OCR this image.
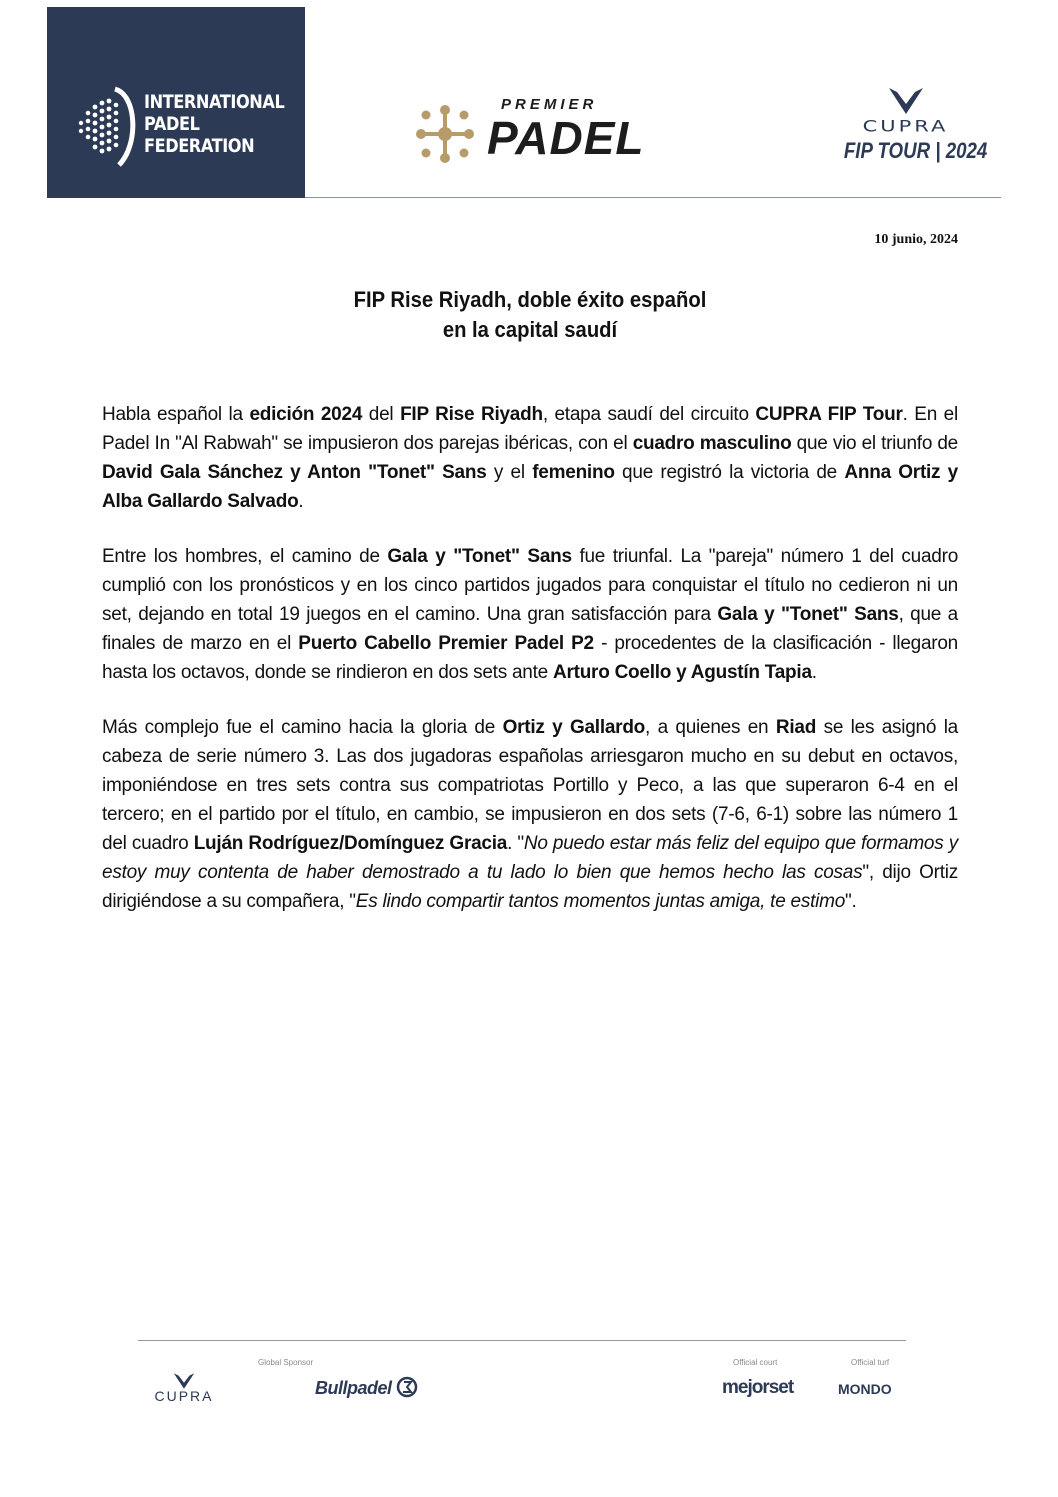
INTERNATIONAL
PADEL
FEDERATION
PREMIER
PADEL	CUPRA
FIP TOUR | 2024
10 junio, 2024
FIP Rise Riyadh, doble éxito español
en la capital saudí

Habla español la edición 2024 del FIP Rise Riyadh, etapa saudí del circuito CUPRA FIP Tour. En el Padel In "Al Rabwah" se impusieron dos parejas ibéricas, con el cuadro masculino que vio el triunfo de David Gala Sánchez y Anton "Tonet" Sans y el femenino que registró la victoria de Anna Ortiz y Alba Gallardo Salvado.

Entre los hombres, el camino de Gala y "Tonet" Sans fue triunfal. La "pareja" número 1 del cuadro cumplió con los pronósticos y en los cinco partidos jugados para conquistar el título no cedieron ni un set, dejando en total 19 juegos en el camino. Una gran satisfacción para Gala y "Tonet" Sans, que a finales de marzo en el Puerto Cabello Premier Padel P2 - procedentes de la clasificación - llegaron hasta los octavos, donde se rindieron en dos sets ante Arturo Coello y Agustín Tapia.

Más complejo fue el camino hacia la gloria de Ortiz y Gallardo, a quienes en Riad se les asignó la cabeza de serie número 3. Las dos jugadoras españolas arriesgaron mucho en su debut en octavos, imponiéndose en tres sets contra sus compatriotas Portillo y Peco, a las que superaron 6-4 en el tercero; en el partido por el título, en cambio, se impusieron en dos sets (7-6, 6-1) sobre las número 1 del cuadro Luján Rodríguez/Domínguez Gracia. "No puedo estar más feliz del equipo que formamos y estoy muy contenta de haber demostrado a tu lado lo bien que hemos hecho las cosas", dijo Ortiz dirigiéndose a su compañera, "Es lindo compartir tantos momentos juntas amiga, te estimo".

Global Sponsor	Official court	Official turf
CUPRA	Bullpadel	mejorset	MONDO
